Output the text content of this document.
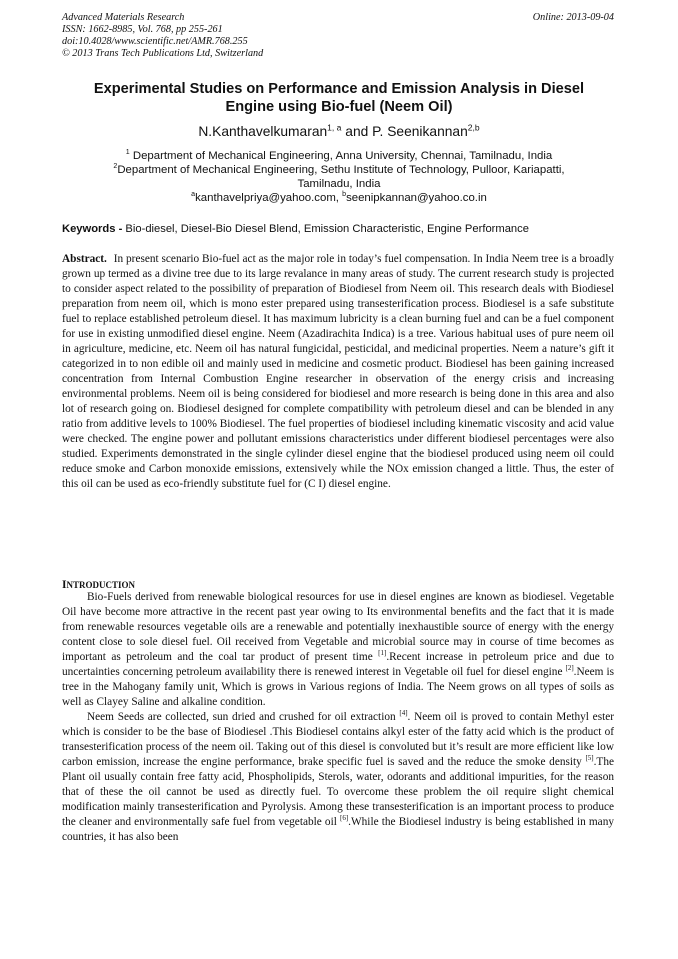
Advanced Materials Research
ISSN: 1662-8985, Vol. 768, pp 255-261
doi:10.4028/www.scientific.net/AMR.768.255
© 2013 Trans Tech Publications Ltd, Switzerland
Online: 2013-09-04
Experimental Studies on Performance and Emission Analysis in Diesel
Engine using Bio-fuel (Neem Oil)
N.Kanthavelkumaran$^{1, a}$ and P. Seenikannan$^{2,b}$
$^1$ Department of Mechanical Engineering, Anna University, Chennai, Tamilnadu, India
$^2$Department of Mechanical Engineering, Sethu Institute of Technology, Pulloor, Kariapatti,
Tamilnadu, India
$^a$kanthavelpriya@yahoo.com, $^b$seenipkannan@yahoo.co.in
Keywords - Bio-diesel, Diesel-Bio Diesel Blend, Emission Characteristic, Engine Performance
Abstract. In present scenario Bio-fuel act as the major role in today’s fuel compensation. In India Neem tree is a broadly grown up termed as a divine tree due to its large revalance in many areas of study. The current research study is projected to consider aspect related to the possibility of preparation of Biodiesel from Neem oil. This research deals with Biodiesel preparation from neem oil, which is mono ester prepared using transesterification process. Biodiesel is a safe substitute fuel to replace established petroleum diesel. It has maximum lubricity is a clean burning fuel and can be a fuel component for use in existing unmodified diesel engine. Neem (Azadirachita Indica) is a tree. Various habitual uses of pure neem oil in agriculture, medicine, etc. Neem oil has natural fungicidal, pesticidal, and medicinal properties. Neem a nature’s gift it categorized in to non edible oil and mainly used in medicine and cosmetic product. Biodiesel has been gaining increased concentration from Internal Combustion Engine researcher in observation of the energy crisis and increasing environmental problems. Neem oil is being considered for biodiesel and more research is being done in this area and also lot of research going on. Biodiesel designed for complete compatibility with petroleum diesel and can be blended in any ratio from additive levels to 100% Biodiesel. The fuel properties of biodiesel including kinematic viscosity and acid value were checked. The engine power and pollutant emissions characteristics under different biodiesel percentages were also studied. Experiments demonstrated in the single cylinder diesel engine that the biodiesel produced using neem oil could reduce smoke and Carbon monoxide emissions, extensively while the NOx emission changed a little. Thus, the ester of this oil can be used as eco-friendly substitute fuel for (C I) diesel engine.
INTRODUCTION

Bio-Fuels derived from renewable biological resources for use in diesel engines are known as biodiesel. Vegetable Oil have become more attractive in the recent past year owing to Its environmental benefits and the fact that it is made from renewable resources vegetable oils are a renewable and potentially inexhaustible source of energy with the energy content close to sole diesel fuel. Oil received from Vegetable and microbial source may in course of time becomes as important as petroleum and the coal tar product of present time [1].Recent increase in petroleum price and due to uncertainties concerning petroleum availability there is renewed interest in Vegetable oil fuel for diesel engine [2].Neem is tree in the Mahogany family unit, Which is grows in Various regions of India. The Neem grows on all types of soils as well as Clayey Saline and alkaline condition.

Neem Seeds are collected, sun dried and crushed for oil extraction [4]. Neem oil is proved to contain Methyl ester which is consider to be the base of Biodiesel .This Biodiesel contains alkyl ester of the fatty acid which is the product of transesterification process of the neem oil. Taking out of this diesel is convoluted but it’s result are more efficient like low carbon emission, increase the engine performance, brake specific fuel is saved and the reduce the smoke density [5].The Plant oil usually contain free fatty acid, Phospholipids, Sterols, water, odorants and additional impurities, for the reason that of these the oil cannot be used as directly fuel. To overcome these problem the oil require slight chemical modification mainly transesterification and Pyrolysis. Among these transesterification is an important process to produce the cleaner and environmentally safe fuel from vegetable oil [6].While the Biodiesel industry is being established in many countries, it has also been
